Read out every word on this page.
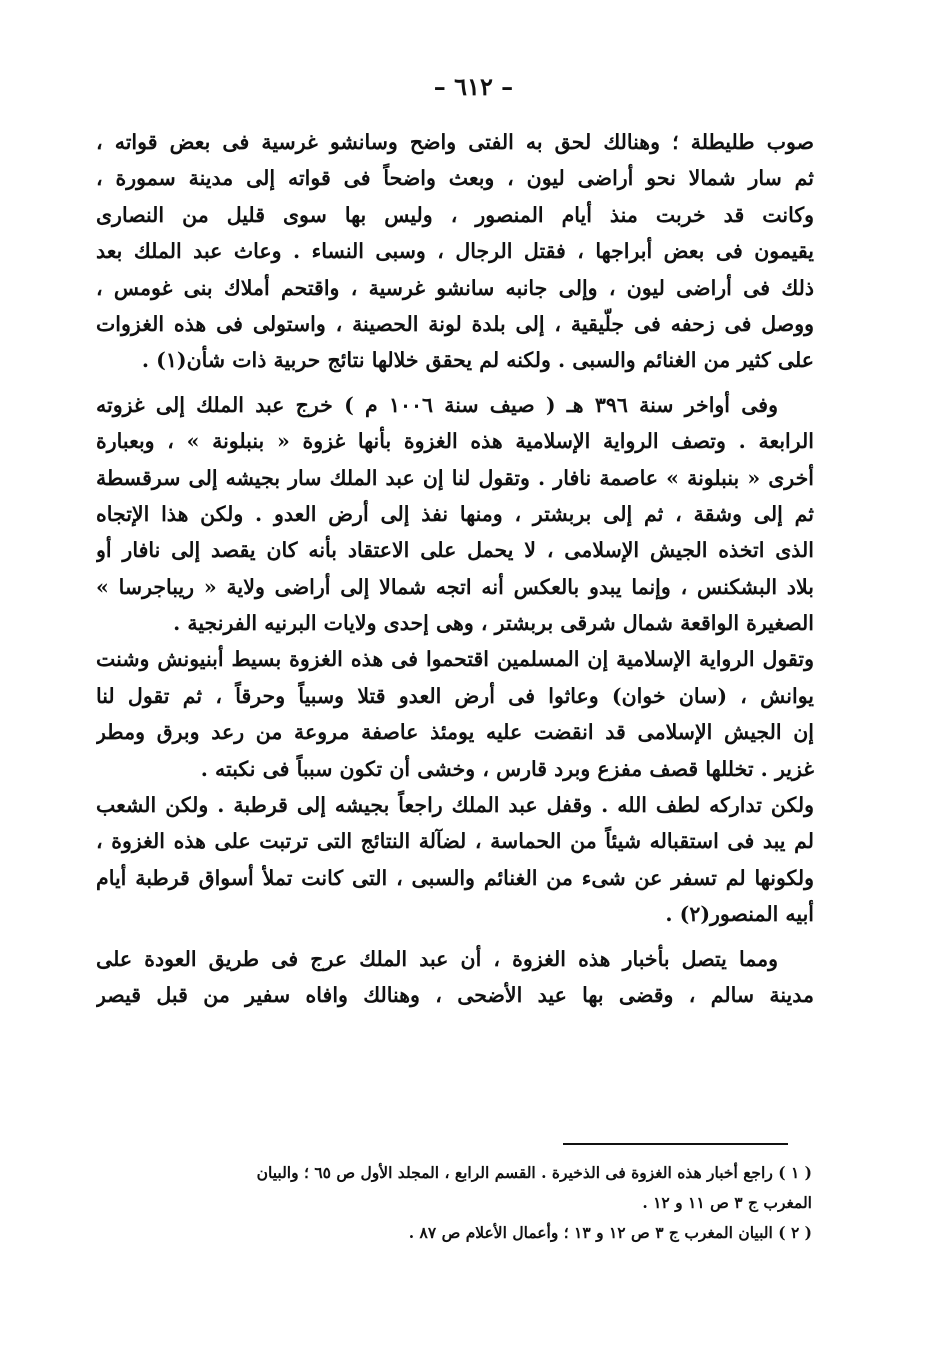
– ٦١٢ –
صوب طليطلة ؛ وهنالك لحق به الفتى واضح وسانشو غرسية فى بعض قواته ،
ثم سار شمالا نحو أراضى ليون ، وبعث واضحاً فى قواته إلى مدينة سمورة ،
وكانت قد خربت منذ أيام المنصور ، وليس بها سوى قليل من النصارى
يقيمون فى بعض أبراجها ، فقتل الرجال ، وسبى النساء . وعاث عبد الملك بعد
ذلك فى أراضى ليون ، وإلى جانبه سانشو غرسية ، واقتحم أملاك بنى غومس ،
ووصل فى زحفه فى جلّيقية ، إلى بلدة لونة الحصينة ، واستولى فى هذه الغزوات
على كثير من الغنائم والسبى . ولكنه لم يحقق خلالها نتائج حربية ذات شأن(١) .
وفى أواخر سنة ٣٩٦ هـ ( صيف سنة ١٠٠٦ م ) خرج عبد الملك إلى غزوته
الرابعة . وتصف الرواية الإسلامية هذه الغزوة بأنها غزوة « بنبلونة » ، وبعبارة
أخرى « بنبلونة » عاصمة نافار . وتقول لنا إن عبد الملك سار بجيشه إلى سرقسطة
ثم إلى وشقة ، ثم إلى بربشتر ، ومنها نفذ إلى أرض العدو . ولكن هذا الإتجاه
الذى اتخذه الجيش الإسلامى ، لا يحمل على الاعتقاد بأنه كان يقصد إلى نافار أو
بلاد البشكنس ، وإنما يبدو بالعكس أنه اتجه شمالا إلى أراضى ولاية « ريباجرسا »
الصغيرة الواقعة شمال شرقى بربشتر ، وهى إحدى ولايات البرنيه الفرنجية .
وتقول الرواية الإسلامية إن المسلمين اقتحموا فى هذه الغزوة بسيط أبنيونش وشنت
يوانش ، (سان خوان) وعاثوا فى أرض العدو قتلا وسبياً وحرقاً ، ثم تقول لنا
إن الجيش الإسلامى قد انقضت عليه يومئذ عاصفة مروعة من رعد وبرق ومطر
غزير . تخللها قصف مفزع وبرد قارس ، وخشى أن تكون سبباً فى نكبته .
ولكن تداركه لطف الله . وقفل عبد الملك راجعاً بجيشه إلى قرطبة . ولكن الشعب
لم يبد فى استقباله شيئاً من الحماسة ، لضآلة النتائج التى ترتبت على هذه الغزوة ،
ولكونها لم تسفر عن شىء من الغنائم والسبى ، التى كانت تملأ أسواق قرطبة أيام
أبيه المنصور(٢) .
ومما يتصل بأخبار هذه الغزوة ، أن عبد الملك عرج فى طريق العودة على
مدينة سالم ، وقضى بها عيد الأضحى ، وهنالك وافاه سفير من قبل قيصر
( ١ ) راجع أخبار هذه الغزوة فى الذخيرة . القسم الرابع ، المجلد الأول ص ٦٥ ؛ والبيان
المغرب ج ٣ ص ١١ و ١٢ .
( ٢ ) البيان المغرب ج ٣ ص ١٢ و ١٣ ؛ وأعمال الأعلام ص ٨٧ .
